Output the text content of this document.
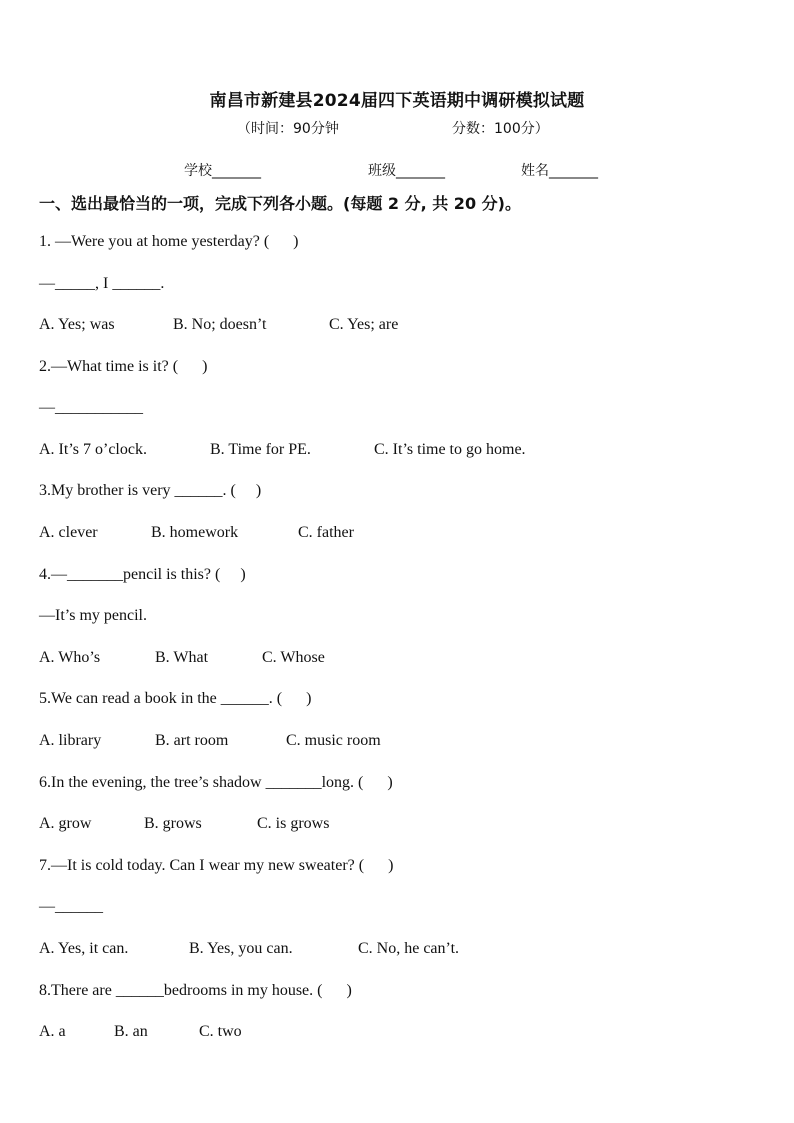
南昌市新建县2024届四下英语期中调研模拟试题
（时间：90分钟	分数：100分）
学校_______	班级_______	姓名_______
一、选出最恰当的一项，完成下列各小题。(每题 2 分, 共 20 分)。
1. —Were you at home yesterday? (      )
—_____, I ______.
A. Yes; was	B. No; doesn’t	C. Yes; are
2.—What time is it? (      )
—___________
A. It’s 7 o’clock.	B. Time for PE.	C. It’s time to go home.
3.My brother is very ______. (     )
A. clever	B. homework	C. father
4.—_______pencil is this? (     )
—It’s my pencil.
A. Who’s	B. What	C. Whose
5.We can read a book in the ______. (      )
A. library	B. art room	C. music room
6.In the evening, the tree’s shadow _______long. (      )
A. grow	B. grows	C. is grows
7.—It is cold today. Can I wear my new sweater? (      )
—______
A. Yes, it can.	B. Yes, you can.	C. No, he can’t.
8.There are ______bedrooms in my house. (      )
A. a	B. an	C. two
